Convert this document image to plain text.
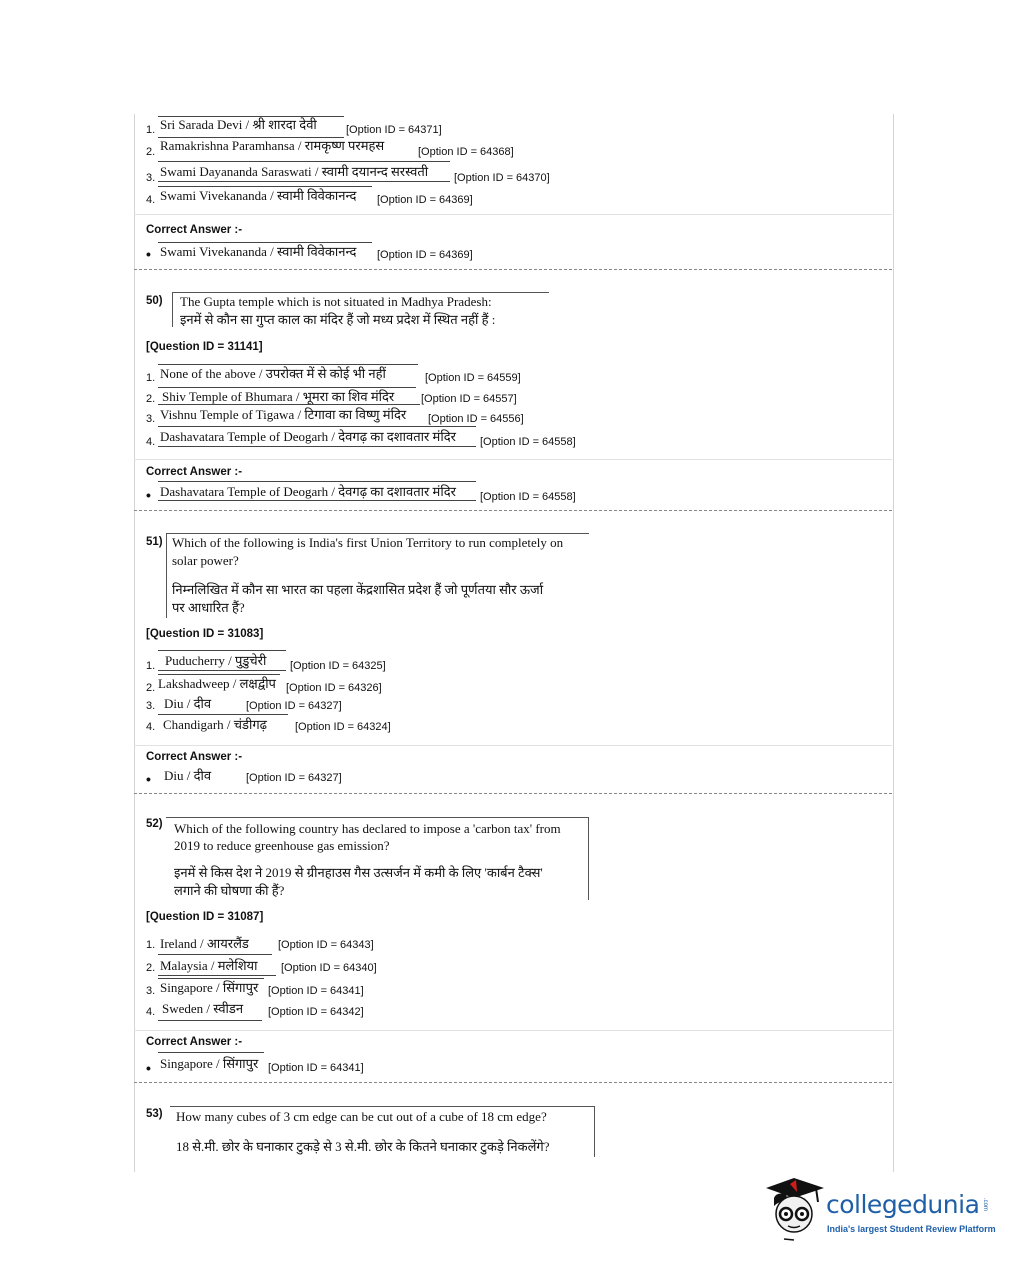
1. Sri Sarada Devi / श्री शारदा देवी	[Option ID = 64371]
2. Ramakrishna Paramhansa / रामकृष्ण परमहस	[Option ID = 64368]
3. Swami Dayananda Saraswati / स्वामी दयानन्द सरस्वती [Option ID = 64370]
4. Swami Vivekananda / स्वामी विवेकानन्द [Option ID = 64369]
Correct Answer :-
• Swami Vivekananda / स्वामी विवेकानन्द [Option ID = 64369]
50) The Gupta temple which is not situated in Madhya Pradesh:
इनमें से कौन सा गुप्त काल का मंदिर हैं जो मध्य प्रदेश में स्थित नहीं हैं :
[Question ID = 31141]
1. None of the above / उपरोक्त में से कोई भी नहीं	[Option ID = 64559]
2. Shiv Temple of Bhumara / भूमरा का शिव मंदिर [Option ID = 64557]
3. Vishnu Temple of Tigawa / टिगावा का विष्णु मंदिर [Option ID = 64556]
4. Dashavatara Temple of Deogarh / देवगढ़ का दशावतार मंदिर [Option ID = 64558]
Correct Answer :-
• Dashavatara Temple of Deogarh / देवगढ़ का दशावतार मंदिर [Option ID = 64558]
51) Which of the following is India's first Union Territory to run completely on
solar power?
निम्नलिखित में कौन सा भारत का पहला केंद्रशासित प्रदेश हैं जो पूर्णतया सौर ऊर्जा
पर आधारित हैं?
[Question ID = 31083]
1. Puducherry / पुडुचेरी [Option ID = 64325]
2. Lakshadweep / लक्षद्वीप [Option ID = 64326]
3. Diu / दीव	[Option ID = 64327]
4. Chandigarh / चंडीगढ़	[Option ID = 64324]
Correct Answer :-
• Diu / दीव	[Option ID = 64327]
52) Which of the following country has declared to impose a 'carbon tax' from
2019 to reduce greenhouse gas emission?
इनमें से किस देश ने 2019 से ग्रीनहाउस गैस उत्सर्जन में कमी के लिए 'कार्बन टैक्स'
लगाने की घोषणा की हैं?
[Question ID = 31087]
1. Ireland / आयरलैंड	[Option ID = 64343]
2. Malaysia / मलेशिया [Option ID = 64340]
3. Singapore / सिंगापुर [Option ID = 64341]
4. Sweden / स्वीडन [Option ID = 64342]
Correct Answer :-
• Singapore / सिंगापुर [Option ID = 64341]
53) How many cubes of 3 cm edge can be cut out of a cube of 18 cm edge?
18 से.मी. छोर के घनाकार टुकड़े से 3 से.मी. छोर के कितने घनाकार टुकड़े निकलेंगे?
collegedunia .com
India's largest Student Review Platform
